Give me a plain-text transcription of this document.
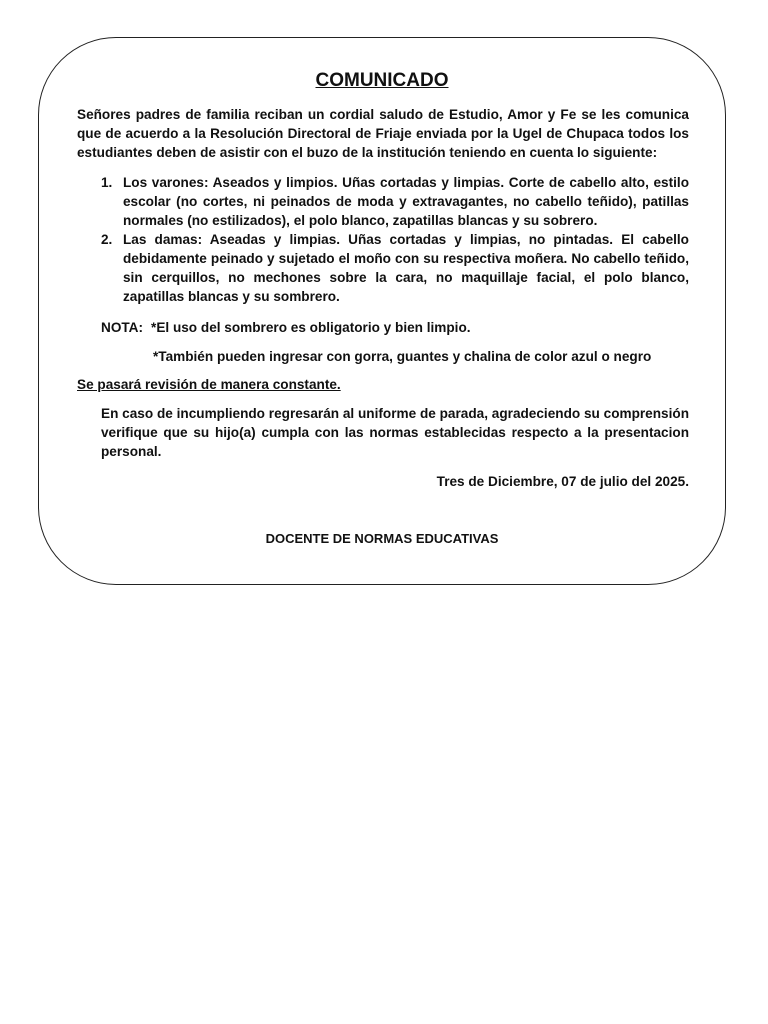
COMUNICADO

Señores padres de familia reciban un cordial saludo de Estudio, Amor y Fe se les comunica que de acuerdo a la Resolución Directoral de Friaje enviada por la Ugel de Chupaca todos los estudiantes deben de asistir con el buzo de la institución teniendo en cuenta lo siguiente:

1. Los varones: Aseados y limpios. Uñas cortadas y limpias. Corte de cabello alto, estilo escolar (no cortes, ni peinados de moda y extravagantes, no cabello teñido), patillas normales (no estilizados), el polo blanco, zapatillas blancas y su sobrero.
2. Las damas: Aseadas y limpias. Uñas cortadas y limpias, no pintadas. El cabello debidamente peinado y sujetado el moño con su respectiva moñera. No cabello teñido, sin cerquillos, no mechones sobre la cara, no maquillaje facial, el polo blanco, zapatillas blancas y su sombrero.

NOTA: *El uso del sombrero es obligatorio y bien limpio.

*También pueden ingresar con gorra, guantes y chalina de color azul o negro

Se pasará revisión de manera constante.

En caso de incumpliendo regresarán al uniforme de parada, agradeciendo su comprensión verifique que su hijo(a) cumpla con las normas establecidas respecto a la presentacion personal.

Tres de Diciembre, 07 de julio del 2025.

DOCENTE DE NORMAS EDUCATIVAS
